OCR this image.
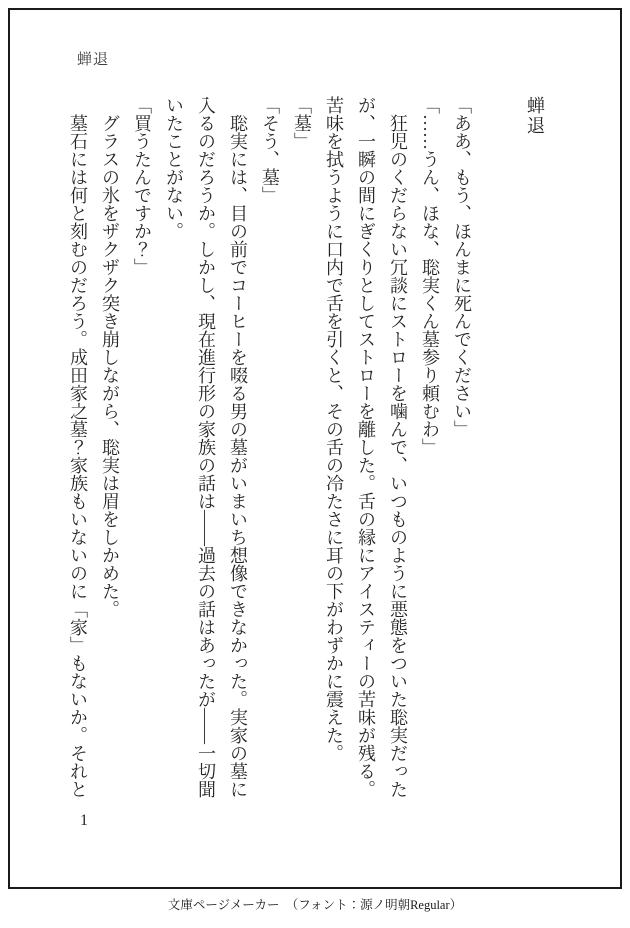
蝉退
蝉退

「ああ、もう、ほんまに死んでください」

「……うん、ほな、聡実くん墓参り頼むわ」

　狂児のくだらない冗談にストローを噛んで、いつものように悪態をついた聡実だったが、一瞬の間にぎくりとしてストローを離した。舌の縁にアイスティーの苦味が残る。苦味を拭うように口内で舌を引くと、その舌の冷たさに耳の下がわずかに震えた。

「墓」

「そう、墓」

　聡実には、目の前でコーヒーを啜る男の墓がいまいち想像できなかった。実家の墓に入るのだろうか。しかし、現在進行形の家族の話は――過去の話はあったが――一切聞いたことがない。

「買うたんですか？」

　グラスの氷をザクザク突き崩しながら、聡実は眉をしかめた。

　墓石には何と刻むのだろう。成田家之墓？家族もいないのに「家」もないか。それと

1
文庫ページメーカー　（フォント：源ノ明朝Regular）
